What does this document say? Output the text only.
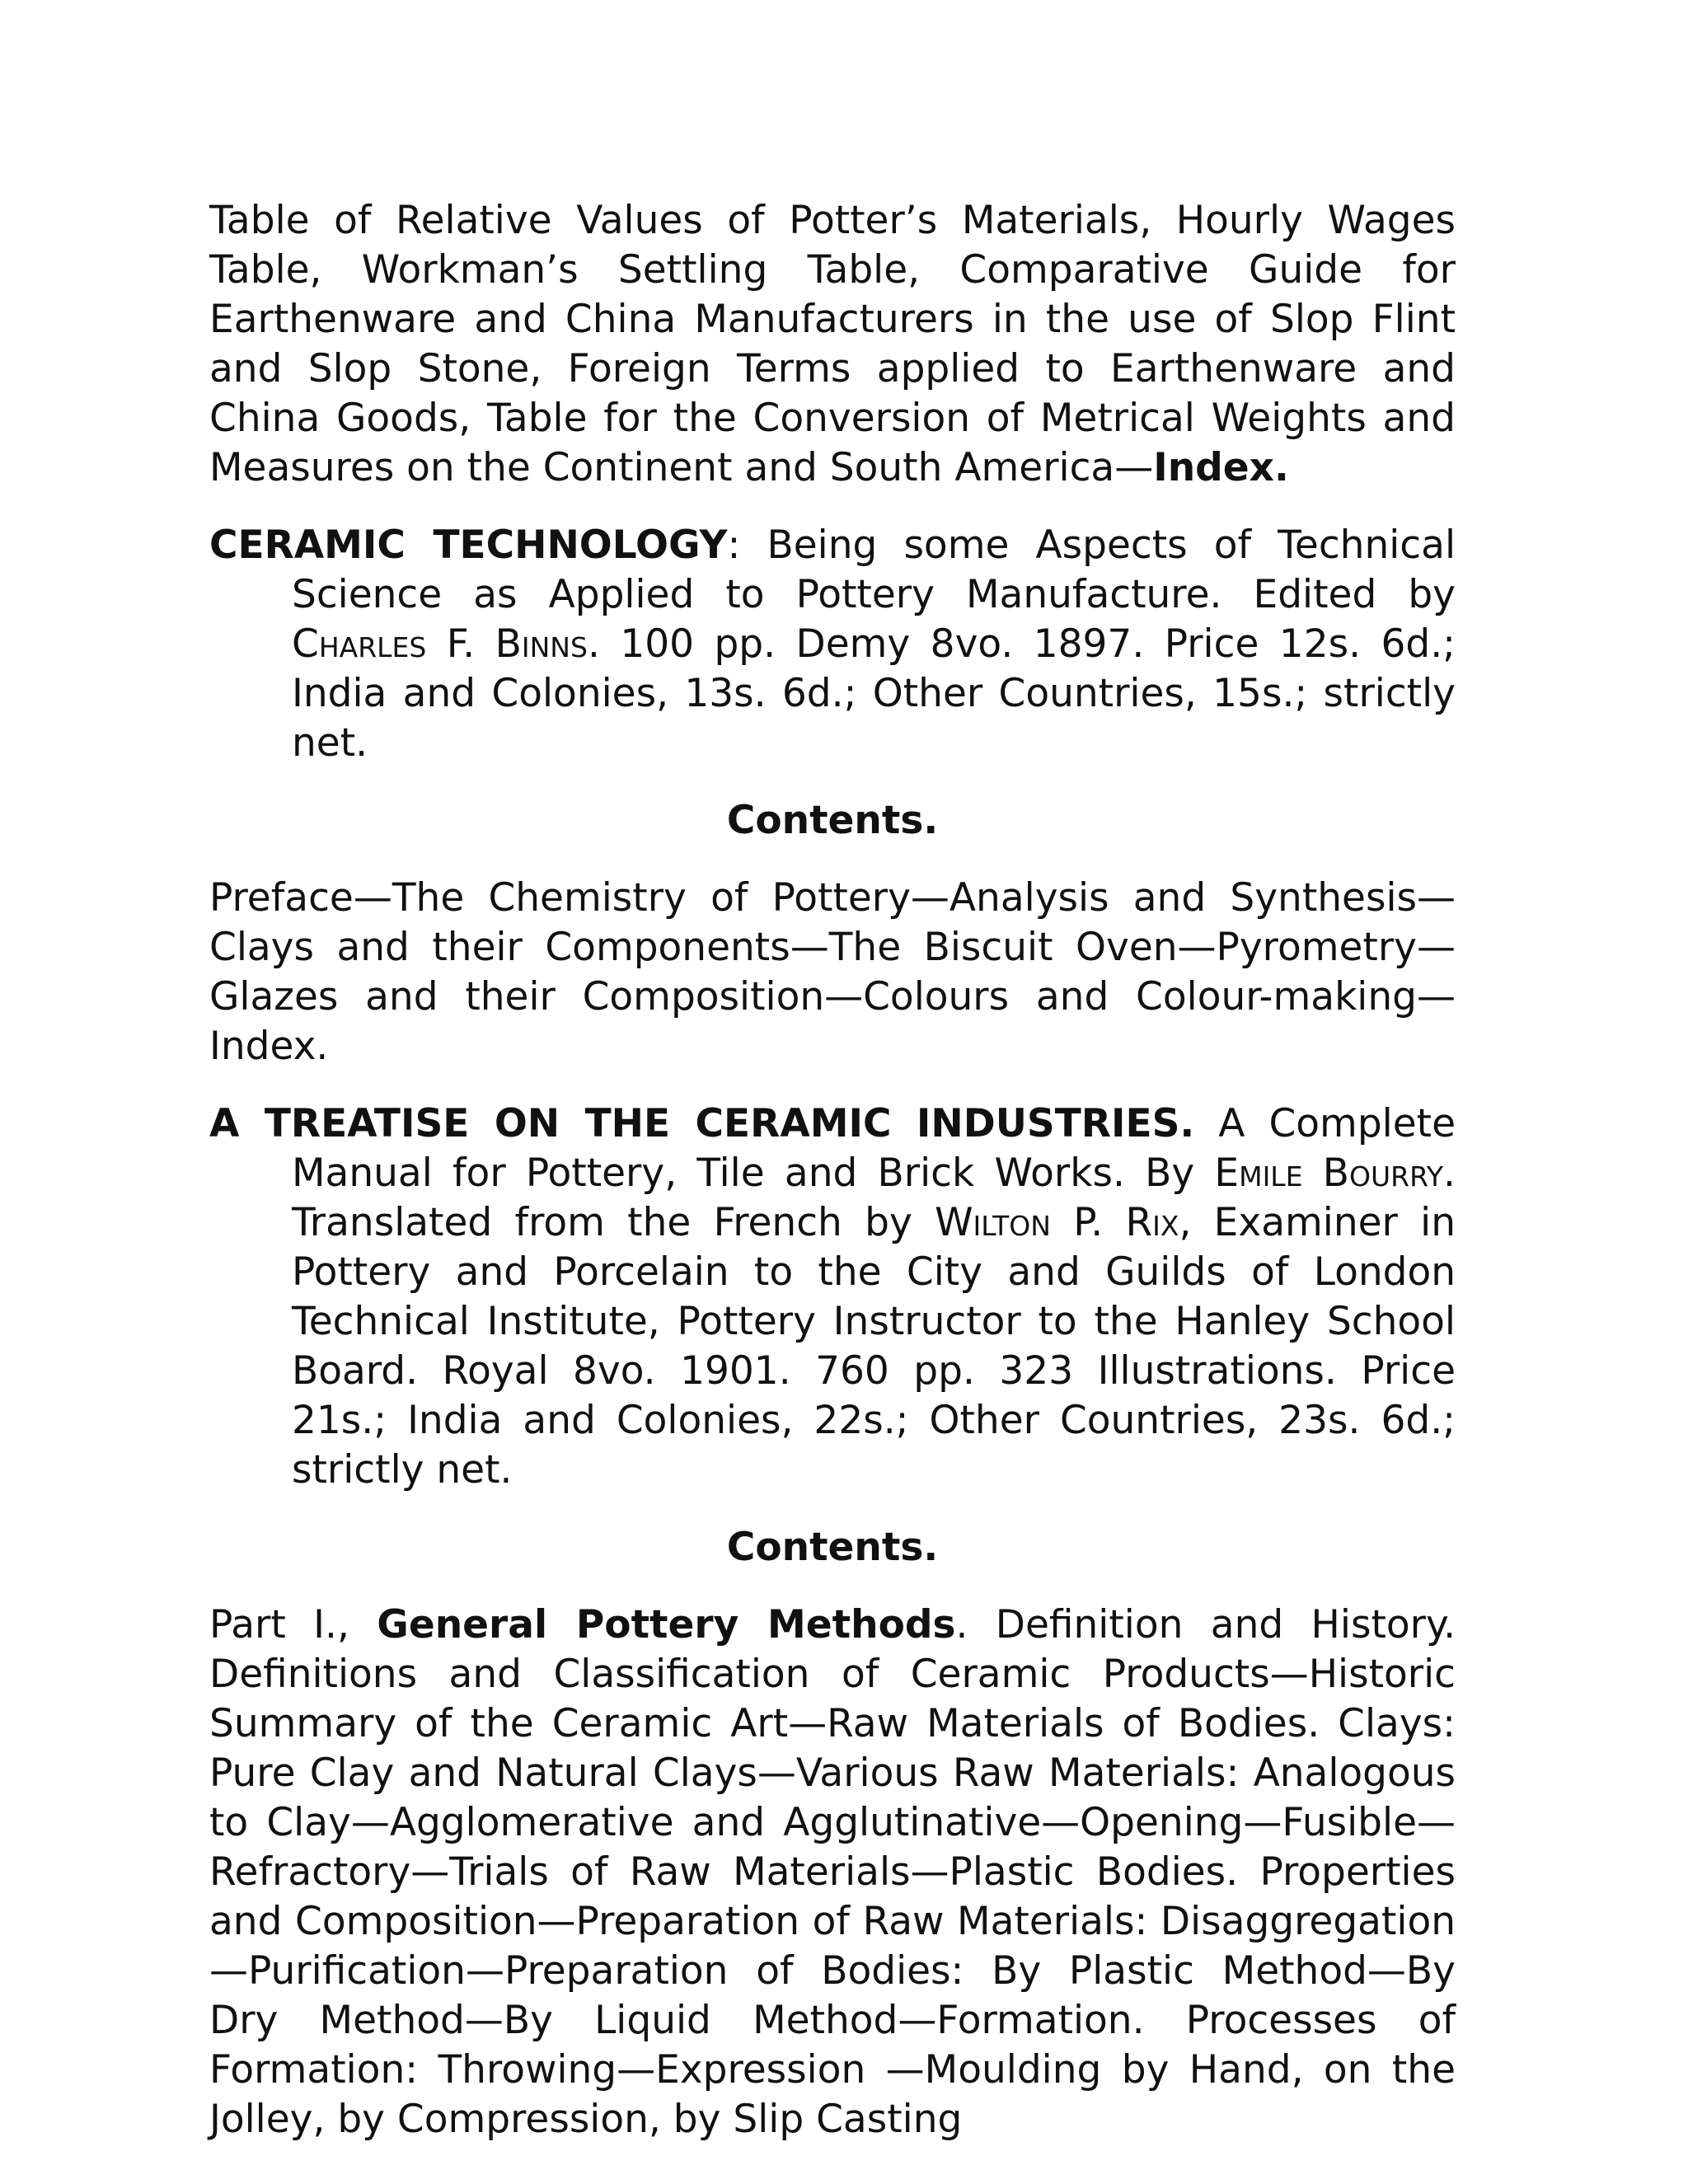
Table of Relative Values of Potter’s Materials, Hourly Wages Table, Workman’s Settling Table, Comparative Guide for Earthenware and China Manufacturers in the use of Slop Flint and Slop Stone, Foreign Terms applied to Earthenware and China Goods, Table for the Conversion of Metrical Weights and Measures on the Continent and South America—Index.

CERAMIC TECHNOLOGY: Being some Aspects of Technical Science as Applied to Pottery Manufacture. Edited by Charles F. Binns. 100 pp. Demy 8vo. 1897. Price 12s. 6d.; India and Colonies, 13s. 6d.; Other Countries, 15s.; strictly net.

Contents.

Preface—The Chemistry of Pottery—Analysis and Synthesis—Clays and their Components—The Biscuit Oven—Pyrometry—Glazes and their Composition—Colours and Colour-making—Index.

A TREATISE ON THE CERAMIC INDUSTRIES. A Complete Manual for Pottery, Tile and Brick Works. By Emile Bourry. Translated from the French by Wilton P. Rix, Examiner in Pottery and Porcelain to the City and Guilds of London Technical Institute, Pottery Instructor to the Hanley School Board. Royal 8vo. 1901. 760 pp. 323 Illustrations. Price 21s.; India and Colonies, 22s.; Other Countries, 23s. 6d.; strictly net.

Contents.

Part I., General Pottery Methods. Definition and History. Definitions and Classification of Ceramic Products—Historic Summary of the Ceramic Art—Raw Materials of Bodies. Clays: Pure Clay and Natural Clays—Various Raw Materials: Analogous to Clay—Agglomerative and Agglutinative—Opening—Fusible—Refractory—Trials of Raw Materials—Plastic Bodies. Properties and Composition—Preparation of Raw Materials: Disaggregation—Purification—Preparation of Bodies: By Plastic Method—By Dry Method—By Liquid Method—Formation. Processes of Formation: Throwing—Expression —Moulding by Hand, on the Jolley, by Compression, by Slip Casting
